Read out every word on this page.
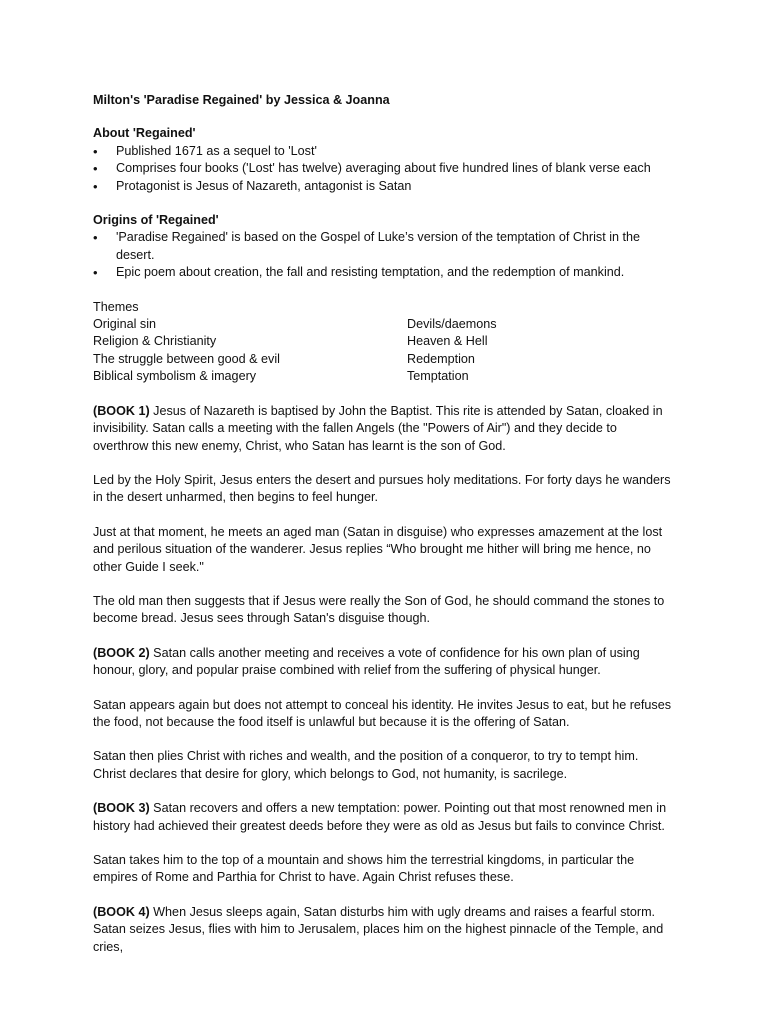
Milton's 'Paradise Regained' by Jessica & Joanna

About 'Regained'

• Published 1671 as a sequel to 'Lost'
• Comprises four books ('Lost' has twelve) averaging about five hundred lines of blank verse each
• Protagonist is Jesus of Nazareth, antagonist is Satan

Origins of 'Regained'

• 'Paradise Regained' is based on the Gospel of Luke’s version of the temptation of Christ in the desert.
• Epic poem about creation, the fall and resisting temptation, and the redemption of mankind.

Themes

Original sin	Devils/daemons
Religion & Christianity	Heaven & Hell
The struggle between good & evil	Redemption
Biblical symbolism & imagery	Temptation

(BOOK 1) Jesus of Nazareth is baptised by John the Baptist. This rite is attended by Satan, cloaked in invisibility. Satan calls a meeting with the fallen Angels (the "Powers of Air") and they decide to overthrow this new enemy, Christ, who Satan has learnt is the son of God.

Led by the Holy Spirit, Jesus enters the desert and pursues holy meditations. For forty days he wanders in the desert unharmed, then begins to feel hunger.

Just at that moment, he meets an aged man (Satan in disguise) who expresses amazement at the lost and perilous situation of the wanderer. Jesus replies “Who brought me hither will bring me hence, no other Guide I seek."

The old man then suggests that if Jesus were really the Son of God, he should command the stones to become bread. Jesus sees through Satan's disguise though.

(BOOK 2) Satan calls another meeting and receives a vote of confidence for his own plan of using honour, glory, and popular praise combined with relief from the suffering of physical hunger.

Satan appears again but does not attempt to conceal his identity. He invites Jesus to eat, but he refuses the food, not because the food itself is unlawful but because it is the offering of Satan.

Satan then plies Christ with riches and wealth, and the position of a conqueror, to try to tempt him. Christ declares that desire for glory, which belongs to God, not humanity, is sacrilege.

(BOOK 3) Satan recovers and offers a new temptation: power. Pointing out that most renowned men in history had achieved their greatest deeds before they were as old as Jesus but fails to convince Christ.

Satan takes him to the top of a mountain and shows him the terrestrial kingdoms, in particular the empires of Rome and Parthia for Christ to have. Again Christ refuses these.

(BOOK 4) When Jesus sleeps again, Satan disturbs him with ugly dreams and raises a fearful storm. Satan seizes Jesus, flies with him to Jerusalem, places him on the highest pinnacle of the Temple, and cries,
